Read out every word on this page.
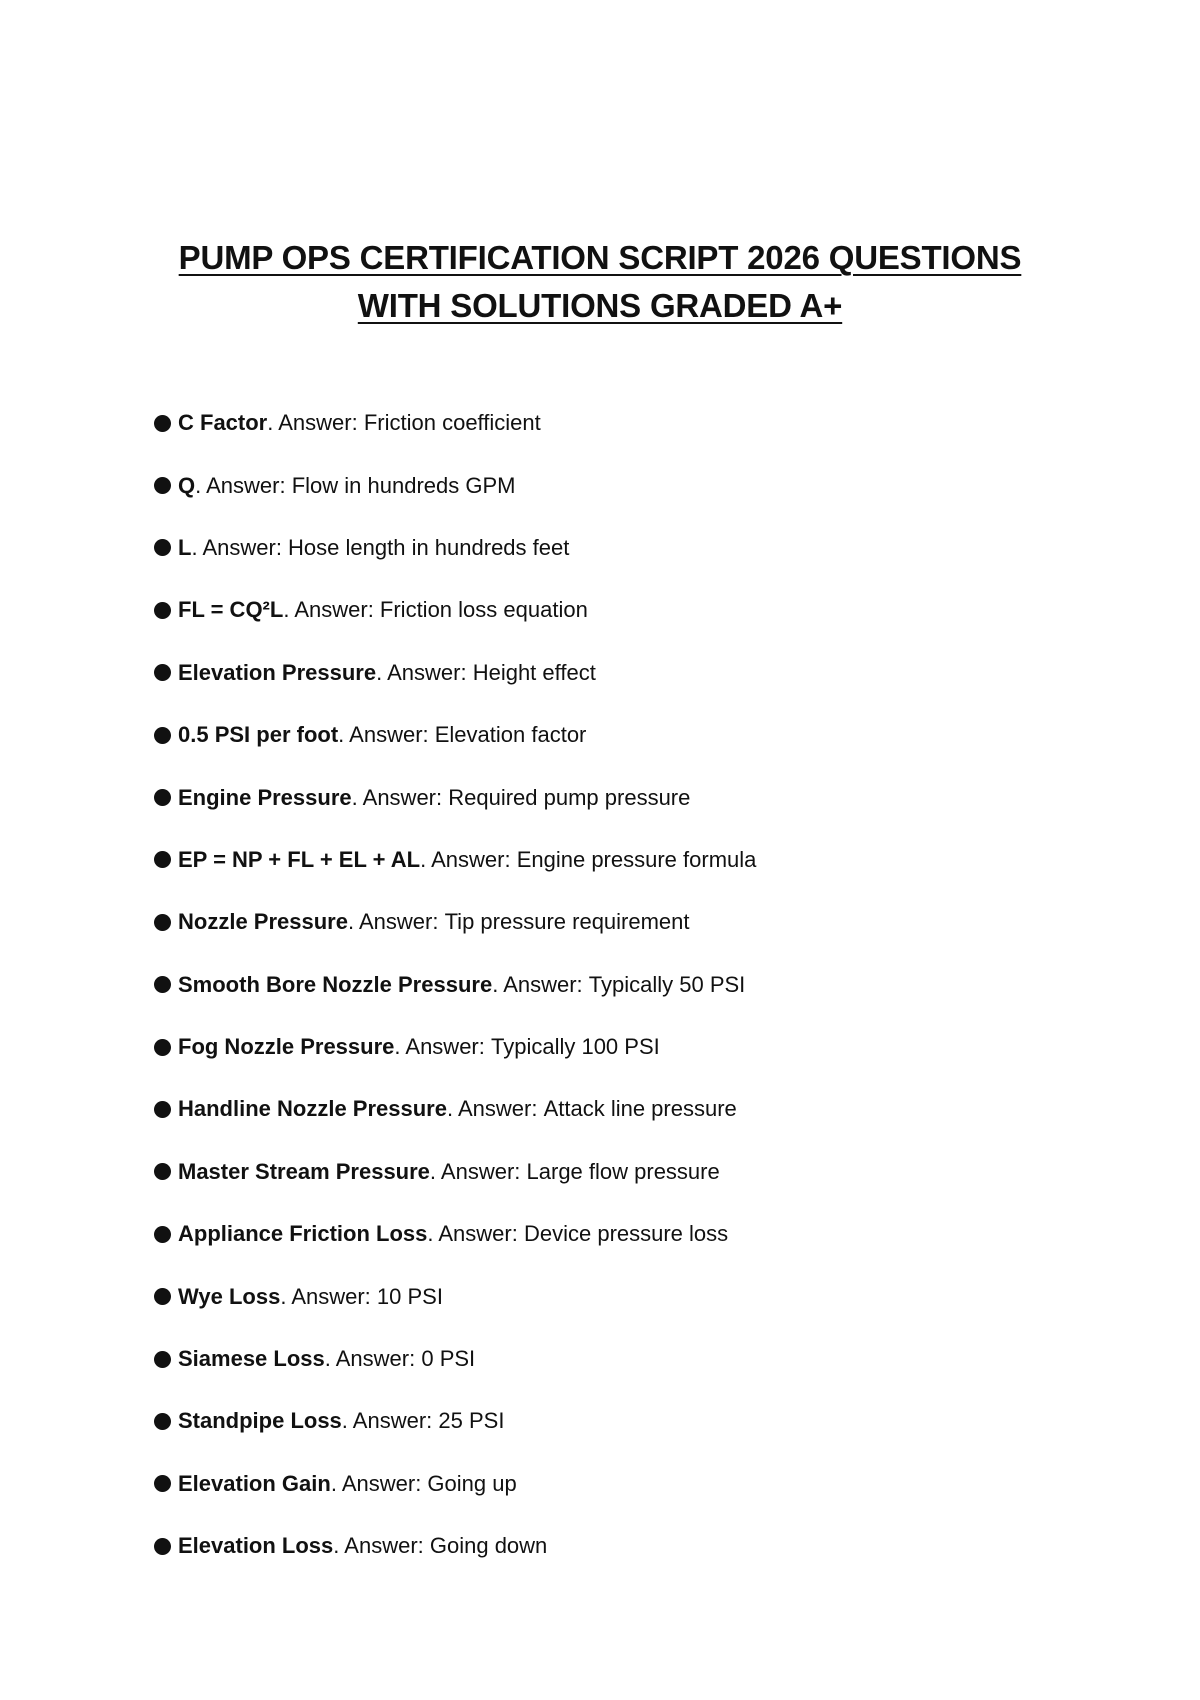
PUMP OPS CERTIFICATION SCRIPT 2026 QUESTIONS
WITH SOLUTIONS GRADED A+
C Factor . Answer: Friction coefficient
Q . Answer: Flow in hundreds GPM
L . Answer: Hose length in hundreds feet
FL = CQ²L . Answer: Friction loss equation
Elevation Pressure . Answer: Height effect
0.5 PSI per foot . Answer: Elevation factor
Engine Pressure . Answer: Required pump pressure
EP = NP + FL + EL + AL . Answer: Engine pressure formula
Nozzle Pressure . Answer: Tip pressure requirement
Smooth Bore Nozzle Pressure . Answer: Typically 50 PSI
Fog Nozzle Pressure . Answer: Typically 100 PSI
Handline Nozzle Pressure . Answer: Attack line pressure
Master Stream Pressure . Answer: Large flow pressure
Appliance Friction Loss . Answer: Device pressure loss
Wye Loss . Answer: 10 PSI
Siamese Loss . Answer: 0 PSI
Standpipe Loss . Answer: 25 PSI
Elevation Gain . Answer: Going up
Elevation Loss . Answer: Going down
